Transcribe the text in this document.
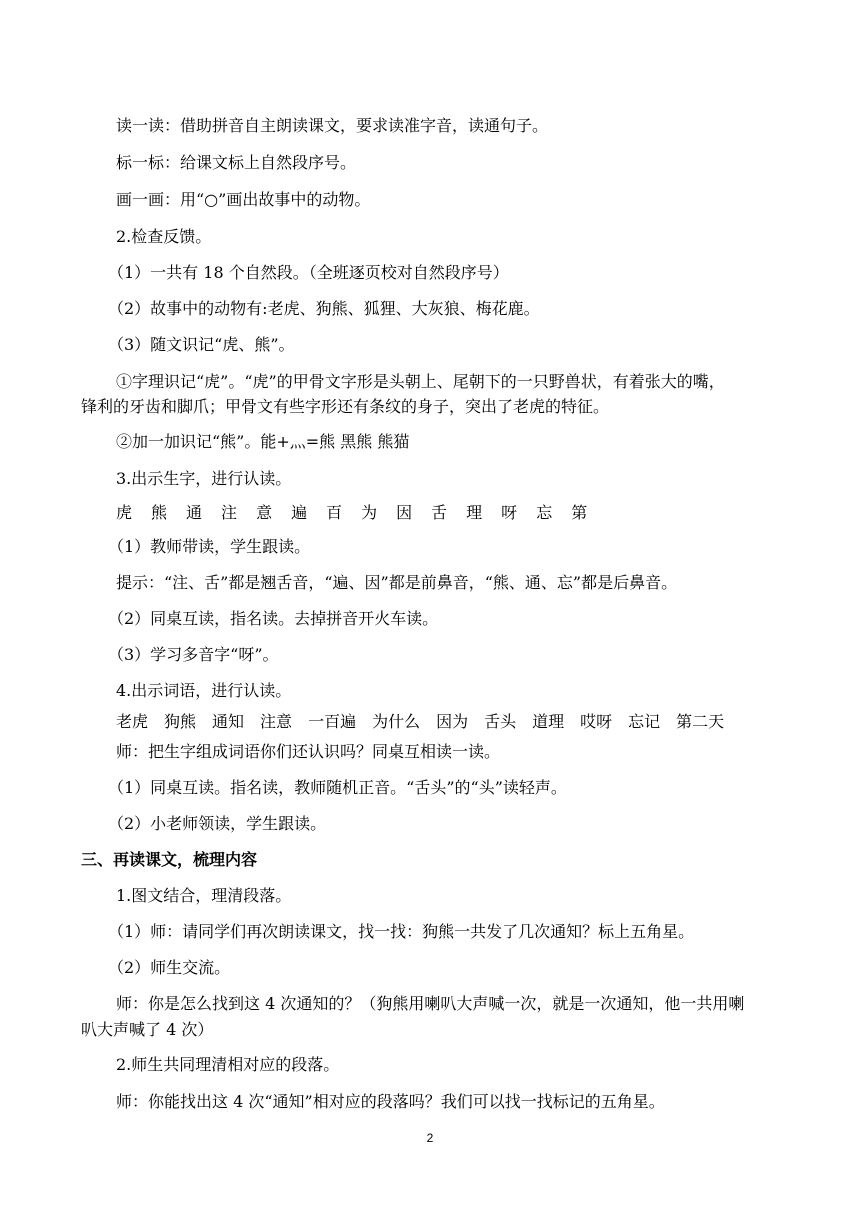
读一读：借助拼音自主朗读课文，要求读准字音，读通句子。
标一标：给课文标上自然段序号。
画一画：用“○”画出故事中的动物。
2.检查反馈。
（1）一共有 18 个自然段。（全班逐页校对自然段序号）
（2）故事中的动物有:老虎、狗熊、狐狸、大灰狼、梅花鹿。
（3）随文识记“虎、熊”。
①字理识记“虎”。“虎”的甲骨文字形是头朝上、尾朝下的一只野兽状，有着张大的嘴，
锋利的牙齿和脚爪；甲骨文有些字形还有条纹的身子，突出了老虎的特征。
②加一加识记“熊”。能+灬=熊 黑熊 熊猫
3.出示生字，进行认读。
虎 熊 通 注 意 遍 百 为 因 舌 理 呀 忘 第
（1）教师带读，学生跟读。
提示：“注、舌”都是翘舌音，“遍、因”都是前鼻音，“熊、通、忘”都是后鼻音。
（2）同桌互读，指名读。去掉拼音开火车读。
（3）学习多音字“呀”。
4.出示词语，进行认读。
老虎 狗熊 通知 注意 一百遍 为什么 因为 舌头 道理 哎呀 忘记 第二天
师：把生字组成词语你们还认识吗？同桌互相读一读。
（1）同桌互读。指名读，教师随机正音。“舌头”的“头”读轻声。
（2）小老师领读，学生跟读。
三、再读课文，梳理内容
1.图文结合，理清段落。
（1）师：请同学们再次朗读课文，找一找：狗熊一共发了几次通知？标上五角星。
（2）师生交流。
师：你是怎么找到这 4 次通知的？（狗熊用喇叭大声喊一次，就是一次通知，他一共用喇
叭大声喊了 4 次）
2.师生共同理清相对应的段落。
师：你能找出这 4 次“通知”相对应的段落吗？我们可以找一找标记的五角星。
2
